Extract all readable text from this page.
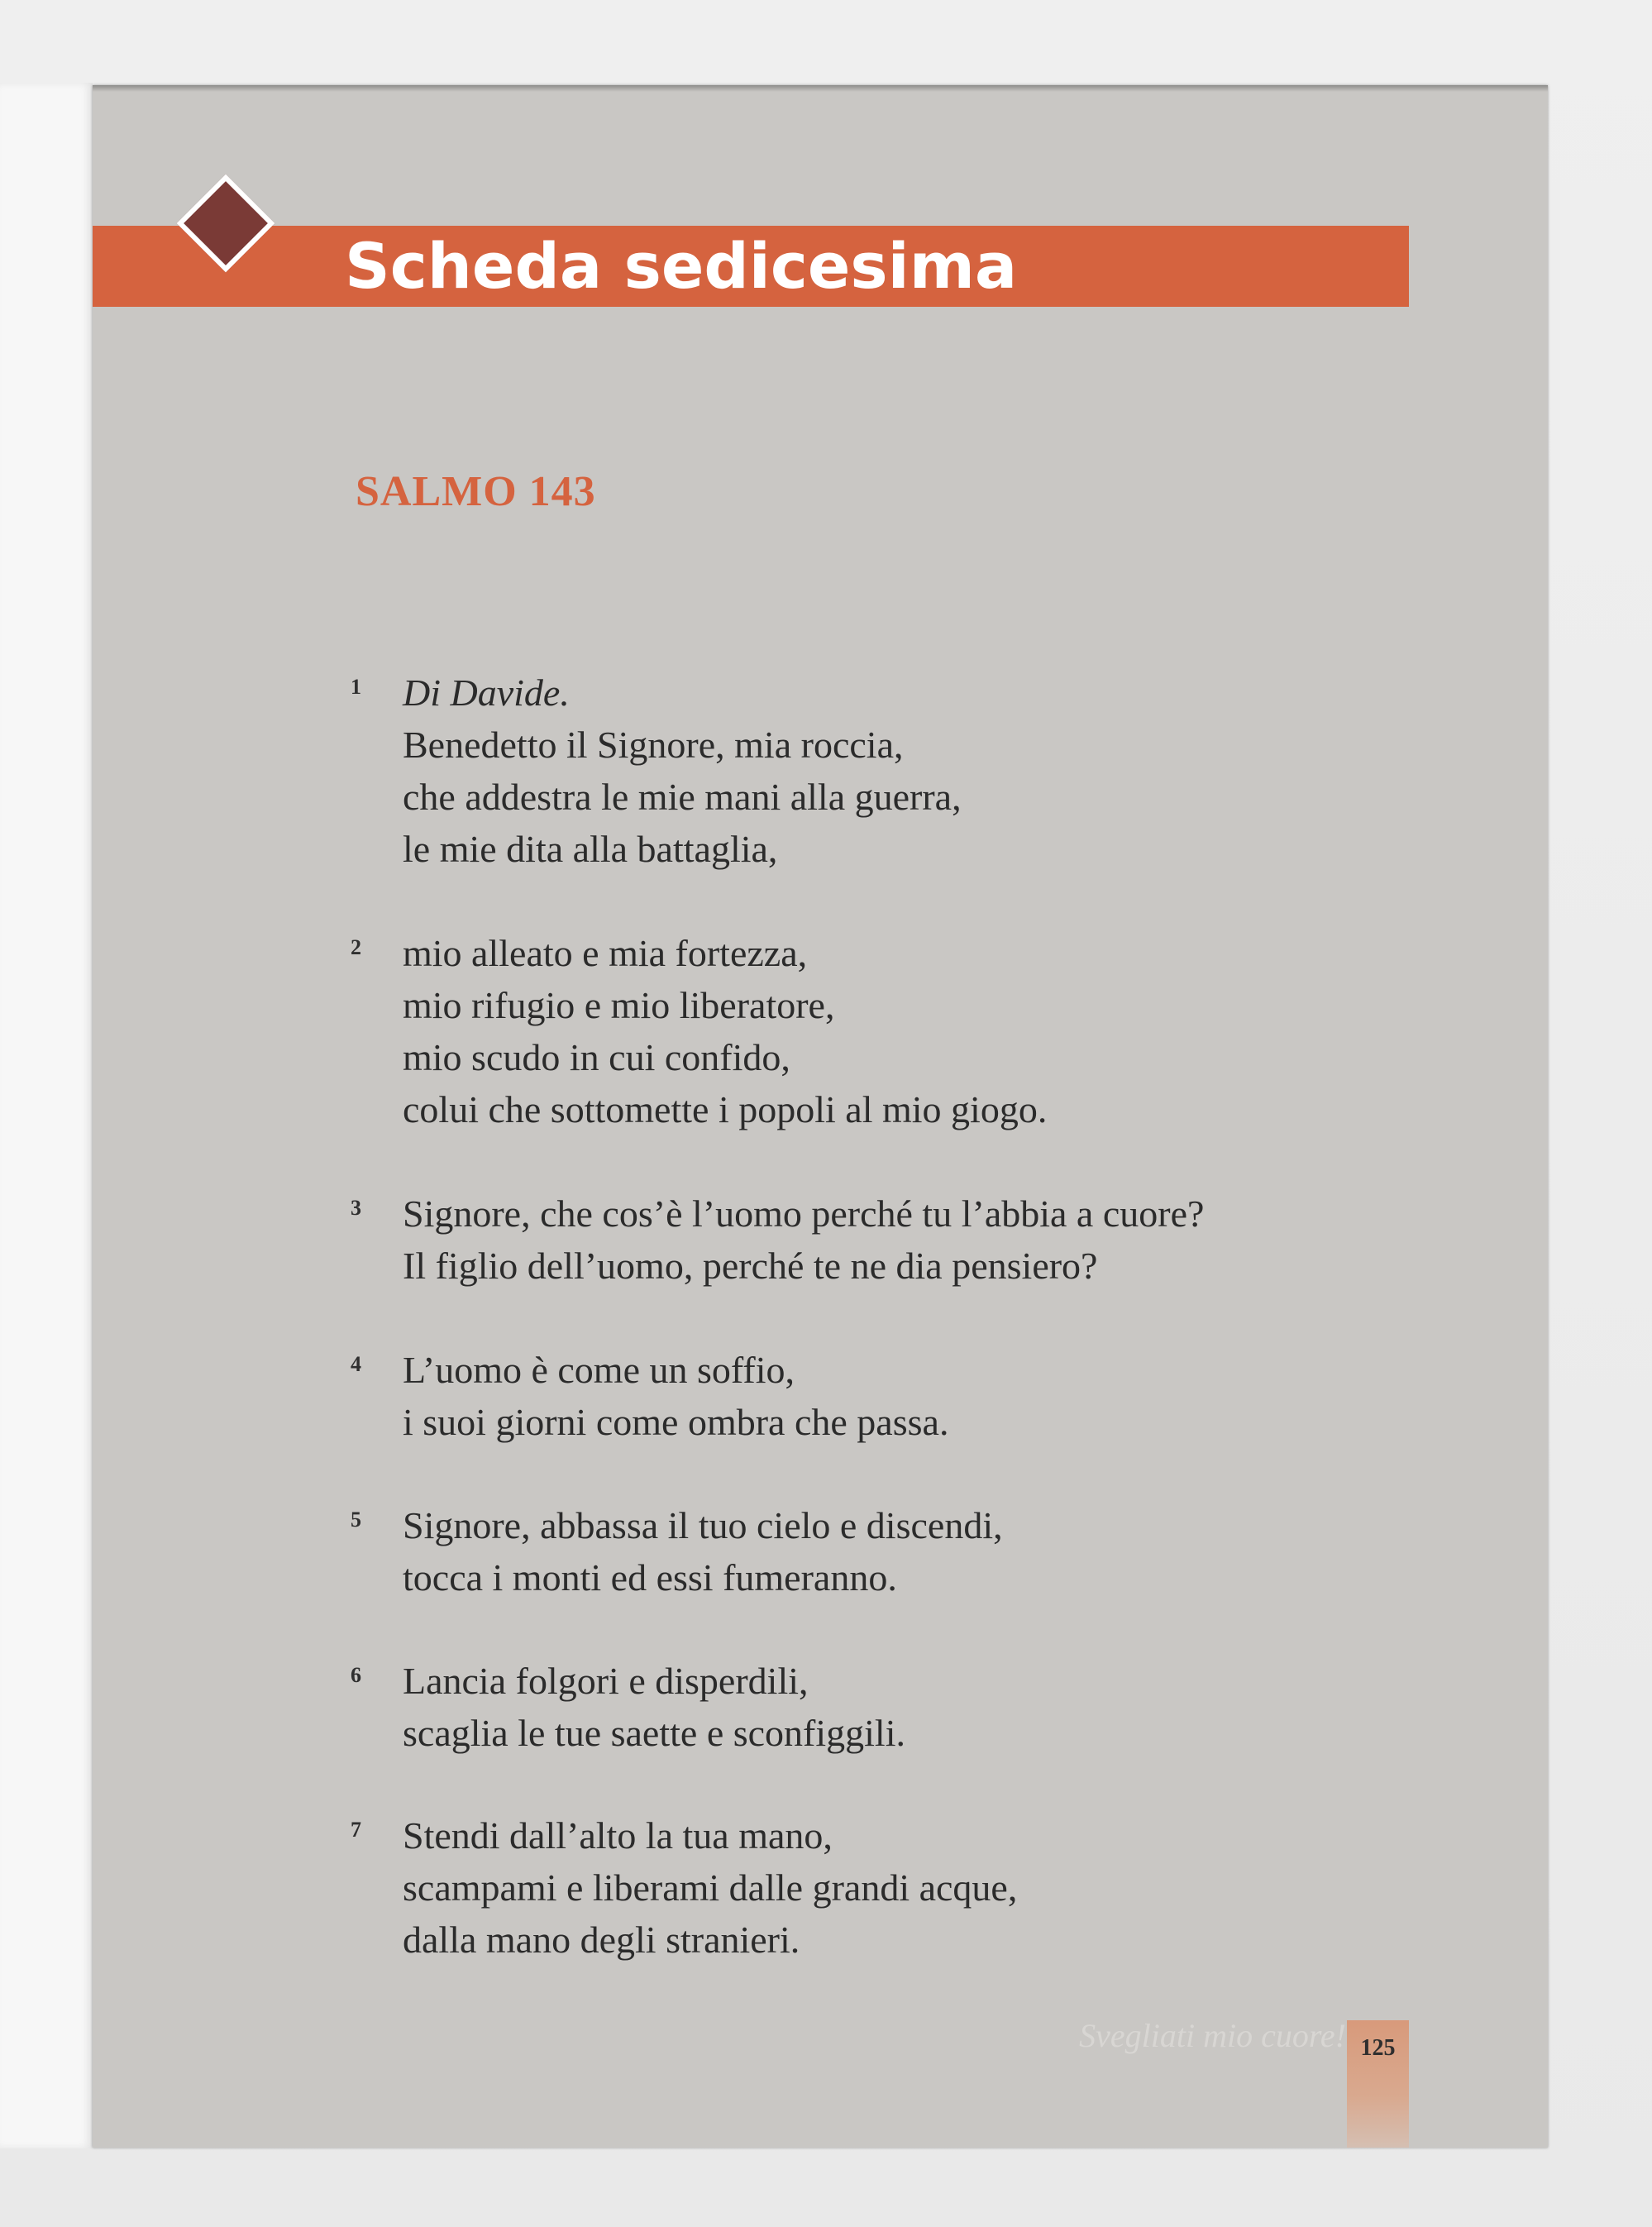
Scheda sedicesima
SALMO 143
1 Di Davide.
Benedetto il Signore, mia roccia,
che addestra le mie mani alla guerra,
le mie dita alla battaglia,
2 mio alleato e mia fortezza,
mio rifugio e mio liberatore,
mio scudo in cui confido,
colui che sottomette i popoli al mio giogo.
3 Signore, che cos’è l’uomo perché tu l’abbia a cuore?
Il figlio dell’uomo, perché te ne dia pensiero?
4 L’uomo è come un soffio,
i suoi giorni come ombra che passa.
5 Signore, abbassa il tuo cielo e discendi,
tocca i monti ed essi fumeranno.
6 Lancia folgori e disperdili,
scaglia le tue saette e sconfiggili.
7 Stendi dall’alto la tua mano,
scampami e liberami dalle grandi acque,
dalla mano degli stranieri.
Svegliati mio cuore! 125
